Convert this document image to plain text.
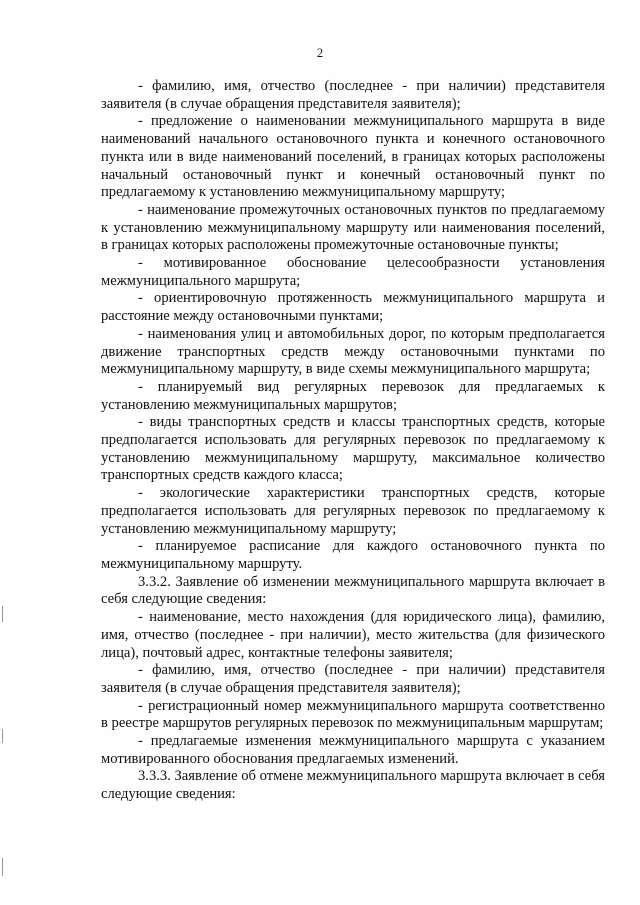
2

- фамилию, имя, отчество (последнее - при наличии) представителя заявителя (в случае обращения представителя заявителя);

- предложение о наименовании межмуниципального маршрута в виде наименований начального остановочного пункта и конечного остановочного пункта или в виде наименований поселений, в границах которых расположены начальный остановочный пункт и конечный остановочный пункт по предлагаемому к установлению межмуниципальному маршруту;

- наименование промежуточных остановочных пунктов по предлагаемому к установлению межмуниципальному маршруту или наименования поселений, в границах которых расположены промежуточные остановочные пункты;

- мотивированное обоснование целесообразности установления межмуниципального маршрута;

- ориентировочную протяженность межмуниципального маршрута и расстояние между остановочными пунктами;

- наименования улиц и автомобильных дорог, по которым предполагается движение транспортных средств между остановочными пунктами по межмуниципальному маршруту, в виде схемы межмуниципального маршрута;

- планируемый вид регулярных перевозок для предлагаемых к установлению межмуниципальных маршрутов;

- виды транспортных средств и классы транспортных средств, которые предполагается использовать для регулярных перевозок по предлагаемому к установлению межмуниципальному маршруту, максимальное количество транспортных средств каждого класса;

- экологические характеристики транспортных средств, которые предполагается использовать для регулярных перевозок по предлагаемому к установлению межмуниципальному маршруту;

- планируемое расписание для каждого остановочного пункта по межмуниципальному маршруту.

3.3.2. Заявление об изменении межмуниципального маршрута включает в себя следующие сведения:

- наименование, место нахождения (для юридического лица), фамилию, имя, отчество (последнее - при наличии), место жительства (для физического лица), почтовый адрес, контактные телефоны заявителя;

- фамилию, имя, отчество (последнее - при наличии) представителя заявителя (в случае обращения представителя заявителя);

- регистрационный номер межмуниципального маршрута соответственно в реестре маршрутов регулярных перевозок по межмуниципальным маршрутам;

- предлагаемые изменения межмуниципального маршрута с указанием мотивированного обоснования предлагаемых изменений.

3.3.3. Заявление об отмене межмуниципального маршрута включает в себя следующие сведения:
